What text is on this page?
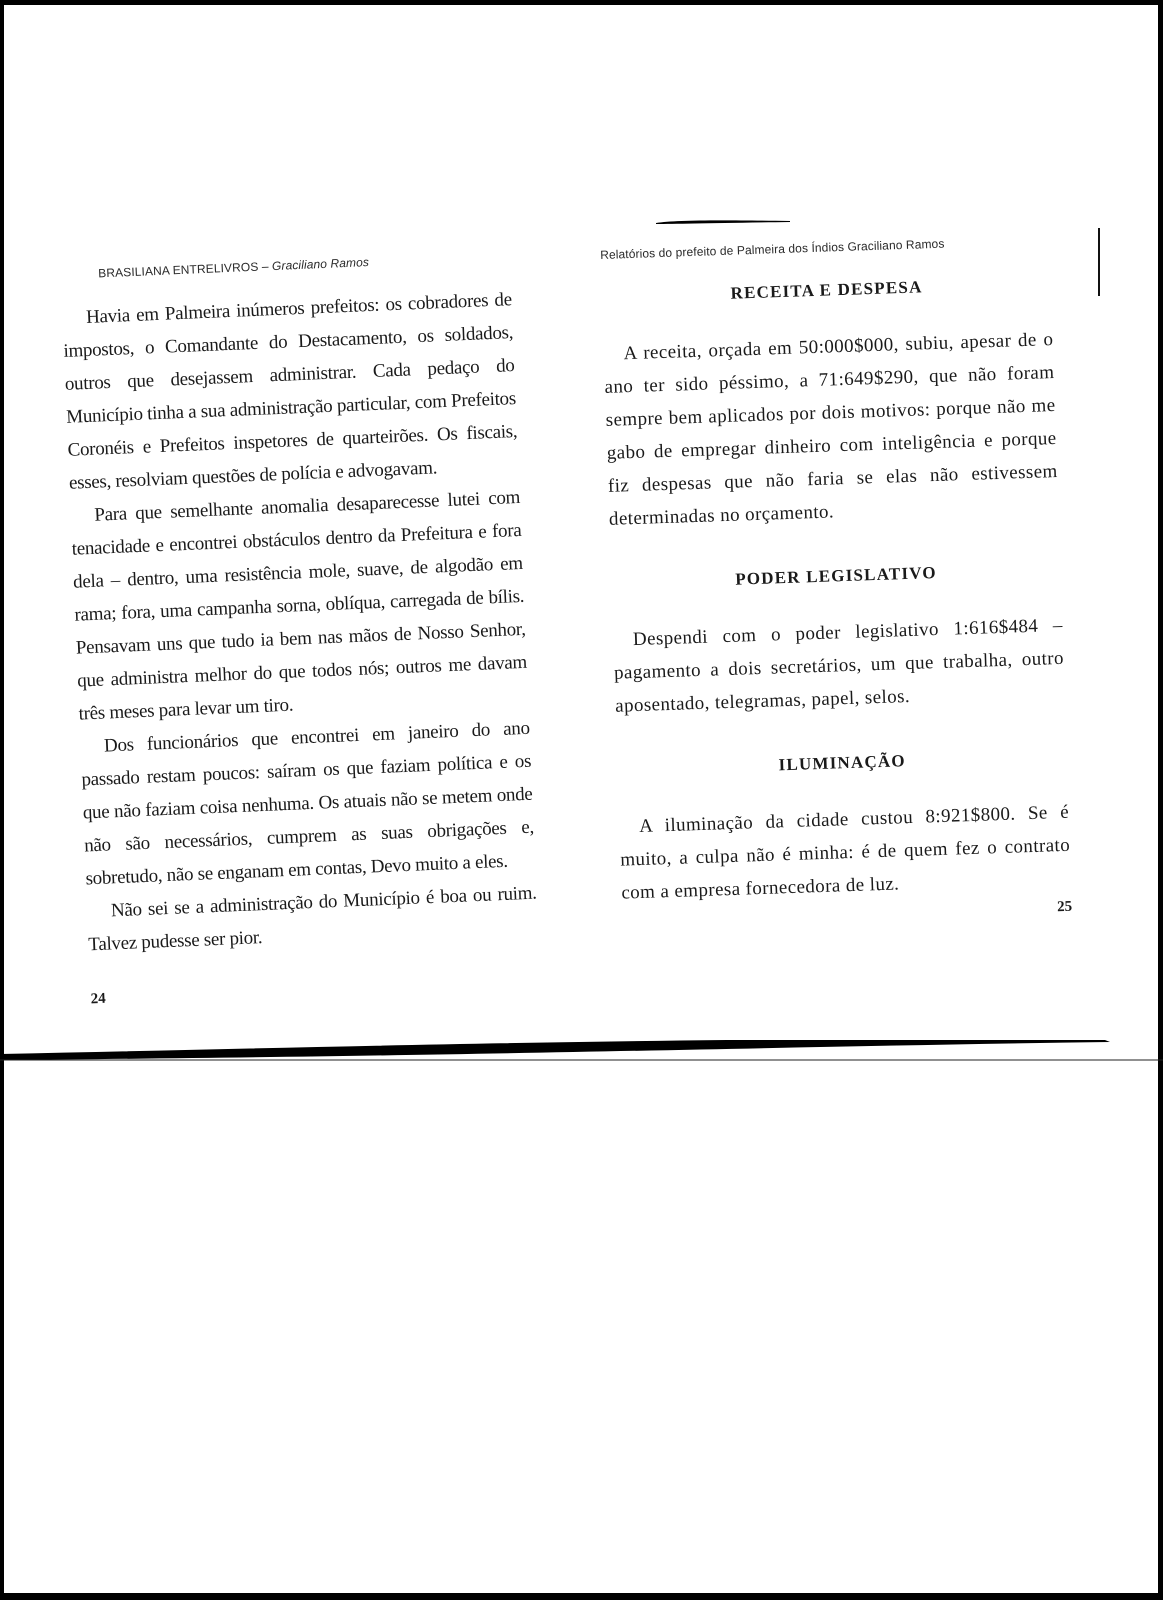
BRASILIANA ENTRELIVROS – Graciliano Ramos

Havia em Palmeira inúmeros prefeitos: os cobradores de impostos, o Comandante do Destacamento, os soldados, outros que desejassem administrar. Cada pedaço do Município tinha a sua administração particular, com Prefeitos Coronéis e Prefeitos inspetores de quarteirões. Os fiscais, esses, resolviam questões de polícia e advogavam.

Para que semelhante anomalia desaparecesse lutei com tenacidade e encontrei obstáculos dentro da Prefeitura e fora dela – dentro, uma resistência mole, suave, de algodão em rama; fora, uma campanha sorna, oblíqua, carregada de bílis. Pensavam uns que tudo ia bem nas mãos de Nosso Senhor, que administra melhor do que todos nós; outros me davam três meses para levar um tiro.

Dos funcionários que encontrei em janeiro do ano passado restam poucos: saíram os que faziam política e os que não faziam coisa nenhuma. Os atuais não se metem onde não são necessários, cumprem as suas obrigações e, sobretudo, não se enganam em contas, Devo muito a eles.

Não sei se a administração do Município é boa ou ruim. Talvez pudesse ser pior.

24
Relatórios do prefeito de Palmeira dos Índios Graciliano Ramos
RECEITA E DESPESA

A receita, orçada em 50:000$000, subiu, apesar de o ano ter sido péssimo, a 71:649$290, que não foram sempre bem aplicados por dois motivos: porque não me gabo de empregar dinheiro com inteligência e porque fiz despesas que não faria se elas não estivessem determinadas no orçamento.

PODER LEGISLATIVO

Despendi com o poder legislativo 1:616$484 – pagamento a dois secretários, um que trabalha, outro aposentado, telegramas, papel, selos.

ILUMINAÇÃO

A iluminação da cidade custou 8:921$800. Se é muito, a culpa não é minha: é de quem fez o contrato com a empresa fornecedora de luz.

25
